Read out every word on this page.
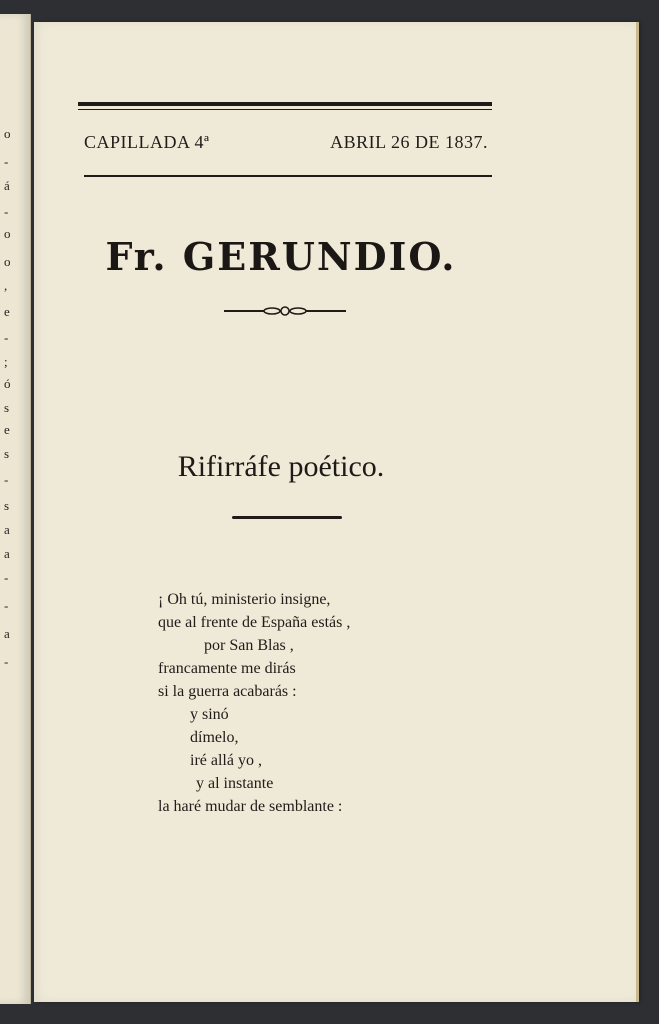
o
-
á
-
o
o
,
e
-
;
ó
s
e
s
-
s
a
a
-
-
a
-
CAPILLADA 4ª	ABRIL 26 DE 1837.
Fr. GERUNDIO.
Rifirráfe poético.
¡ Oh tú, ministerio insigne,
que al frente de España estás ,
por San Blas ,
francamente me dirás
si la guerra acabarás :
y sinó
dímelo,
iré allá yo ,
y al instante
la haré mudar de semblante :
